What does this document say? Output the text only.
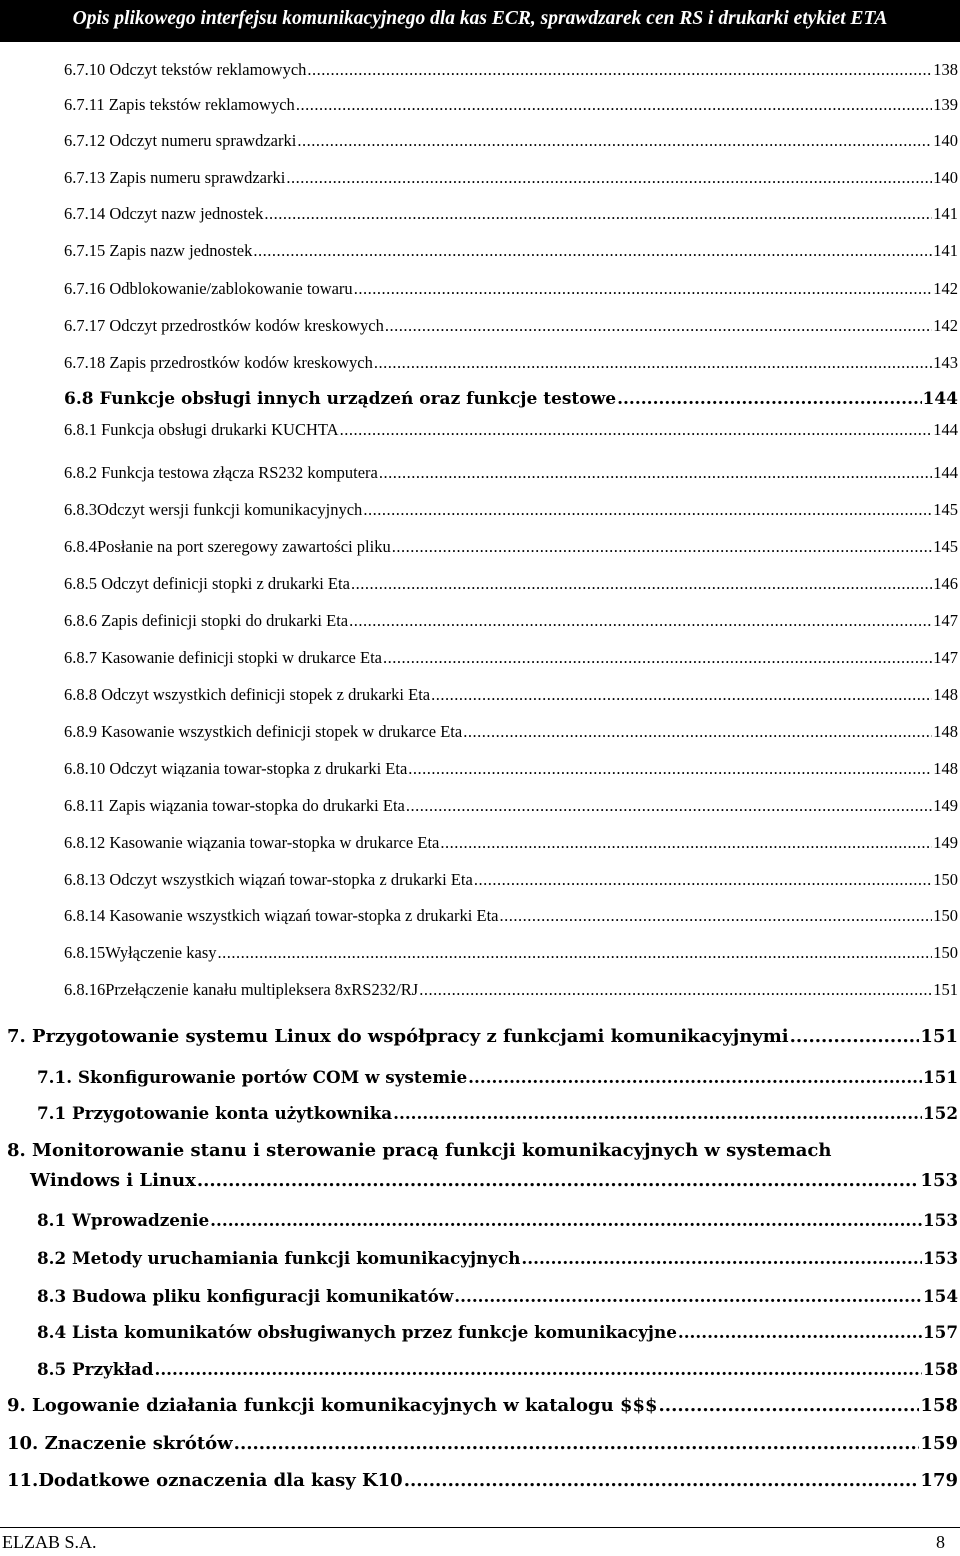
Opis plikowego interfejsu komunikacyjnego dla kas ECR, sprawdzarek cen RS i drukarki etykiet ETA
6.7.10 Odczyt tekstów reklamowych .....	138
6.7.11 Zapis tekstów reklamowych .....	139
6.7.12 Odczyt numeru sprawdzarki .....	140
6.7.13 Zapis numeru sprawdzarki .....	140
6.7.14 Odczyt nazw jednostek .....	141
6.7.15 Zapis nazw jednostek .....	141
6.7.16 Odblokowanie/zablokowanie towaru .....	142
6.7.17 Odczyt przedrostków kodów kreskowych .....	142
6.7.18 Zapis przedrostków kodów kreskowych .....	143
6.8 Funkcje obsługi innych urządzeń oraz funkcje testowe .....	144
6.8.1 Funkcja obsługi drukarki KUCHTA .....	144
6.8.2 Funkcja testowa złącza RS232 komputera .....	144
6.8.3Odczyt wersji funkcji komunikacyjnych .....	145
6.8.4Posłanie na port szeregowy zawartości pliku .....	145
6.8.5 Odczyt definicji stopki z drukarki Eta .....	146
6.8.6 Zapis definicji stopki do drukarki Eta .....	147
6.8.7 Kasowanie definicji stopki w drukarce Eta .....	147
6.8.8 Odczyt wszystkich definicji stopek z drukarki Eta .....	148
6.8.9 Kasowanie wszystkich definicji stopek w drukarce Eta .....	148
6.8.10 Odczyt wiązania towar-stopka z drukarki Eta .....	148
6.8.11 Zapis wiązania towar-stopka do drukarki Eta .....	149
6.8.12 Kasowanie wiązania towar-stopka w drukarce Eta .....	149
6.8.13 Odczyt wszystkich wiązań towar-stopka z drukarki Eta .....	150
6.8.14 Kasowanie wszystkich wiązań towar-stopka z drukarki Eta .....	150
6.8.15Wyłączenie kasy .....	150
6.8.16Przełączenie kanału multipleksera 8xRS232/RJ .....	151
7. Przygotowanie systemu Linux do współpracy z funkcjami komunikacyjnymi .....	151
7.1. Skonfigurowanie portów COM w systemie .....	151
7.1 Przygotowanie konta użytkownika .....	152
8. Monitorowanie stanu i sterowanie pracą funkcji komunikacyjnych w systemach
Windows i Linux .....	153
8.1 Wprowadzenie .....	153
8.2 Metody uruchamiania funkcji komunikacyjnych .....	153
8.3 Budowa pliku konfiguracji komunikatów .....	154
8.4 Lista komunikatów obsługiwanych przez funkcje komunikacyjne .....	157
8.5 Przykład .....	158
9. Logowanie działania funkcji komunikacyjnych w katalogu $$$ .....	158
10. Znaczenie skrótów .....	159
11.Dodatkowe oznaczenia dla kasy K10 .....	179
ELZAB S.A.	8
